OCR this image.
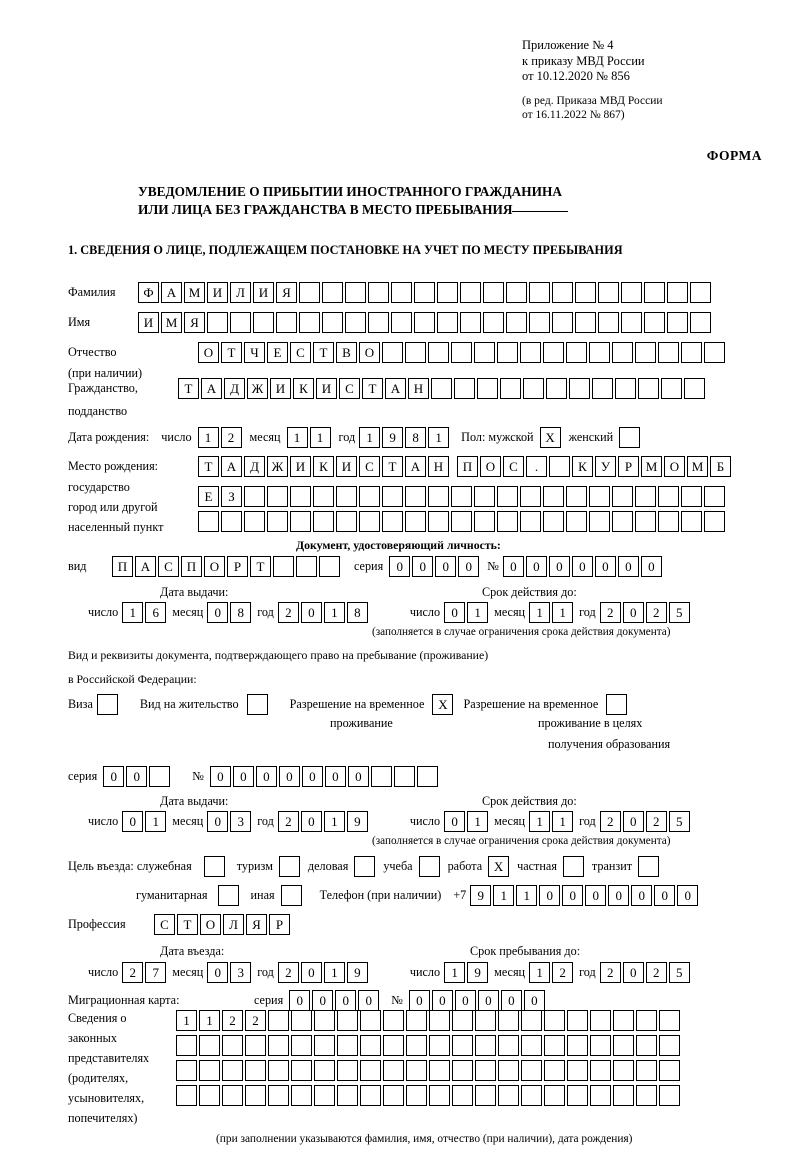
Приложение № 4
к приказу МВД России
от 10.12.2020 № 856
(в ред. Приказа МВД России
от 16.11.2022 № 867)
ФОРМА
УВЕДОМЛЕНИЕ О ПРИБЫТИИ ИНОСТРАННОГО ГРАЖДАНИНА
ИЛИ ЛИЦА БЕЗ ГРАЖДАНСТВА В МЕСТО ПРЕБЫВАНИЯ
1. СВЕДЕНИЯ О ЛИЦЕ, ПОДЛЕЖАЩЕМ ПОСТАНОВКЕ НА УЧЕТ ПО МЕСТУ ПРЕБЫВАНИЯ
Фамилия	Ф	А М И	Л	И	Я
Имя	И М Я
Отчество	О	Т	Ч	Е	С	Т	В	О
(при наличии)
Гражданство,	Т	А	Д Ж И	К	И	С	Т	А	Н
подданство
Дата рождения: число	1	2	месяц	1	1	год 1	9	8	1	Пол: мужской Х	женский
Место рождения:	Т	А	Д Ж И	К	И	С	Т	А	Н	П	О	С	.	К	У	Р	М О М	Б
государство
Е	З
город или другой
населенный пункт
Документ, удостоверяющий личность:
вид	П	А	С	П	О	Р	Т	серия	0	0	0	0	№ 0	0	0	0	0	0	0
Дата выдачи:	Срок действия до:
число 1	6	месяц 0	8	год 2	0	1	8	число 0	1	месяц 1	1	год 2	0	2	5
(заполняется в случае ограничения срока действия документа)
Вид и реквизиты документа, подтверждающего право на пребывание (проживание)
в Российской Федерации:
Виза	Вид на жительство	Разрешение на временное	Х	Разрешение на временное
проживание	проживание в целях
получения образования
серия	0	0	№	0	0	0	0	0	0	0
Дата выдачи:	Срок действия до:
число 0	1	месяц 0	3	год 2	0	1	9	число 0	1	месяц 1	1	год 2	0	2	5
(заполняется в случае ограничения срока действия документа)
Цель въезда: служебная	туризм	деловая	учеба	работа Х	частная	транзит
гуманитарная	иная	Телефон (при наличии) +7 9	1	1	0	0	0	0	0	0	0
Профессия	С	Т	О	Л	Я	Р
Дата въезда:	Срок пребывания до:
число 2	7	месяц 0	3	год 2	0	1	9	число 1	9	месяц 1	2	год 2	0	2	5
Миграционная карта:	серия	0	0	0	0	№	0	0	0	0	0	0
Сведения о
законных
представителях
(родителях,
усыновителях,
попечителях)
1	1	2	2
(при заполнении указываются фамилия, имя, отчество (при наличии), дата рождения)
